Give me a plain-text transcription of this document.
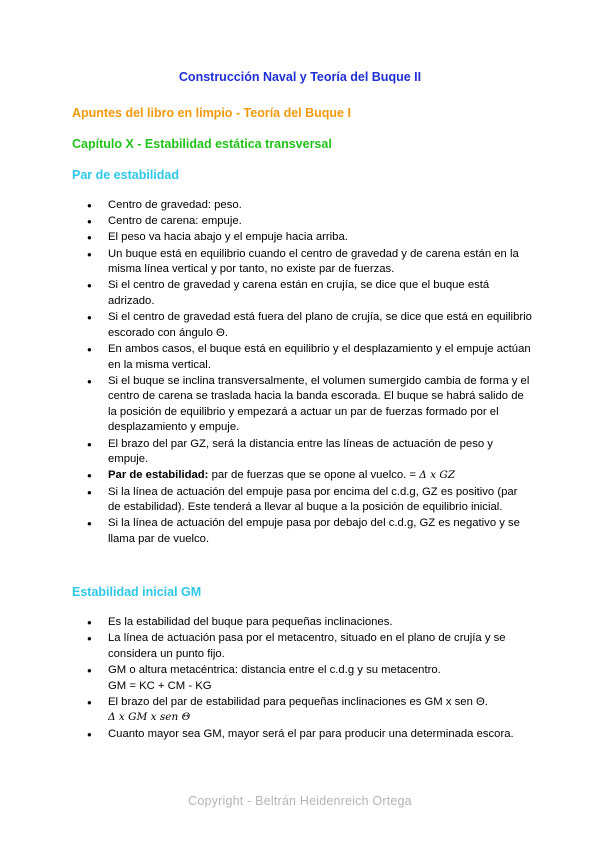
Construcción Naval y Teoría del Buque II
Apuntes del libro en limpio - Teoría del Buque I
Capítulo X - Estabilidad estática transversal
Par de estabilidad
● Centro de gravedad: peso.
● Centro de carena: empuje.
● El peso va hacia abajo y el empuje hacia arriba.
● Un buque está en equilibrio cuando el centro de gravedad y de carena están en la misma línea vertical y por tanto, no existe par de fuerzas.
● Si el centro de gravedad y carena están en crujía, se dice que el buque está adrizado.
● Si el centro de gravedad está fuera del plano de crujía, se dice que está en equilibrio escorado con ángulo Θ.
● En ambos casos, el buque está en equilibrio y el desplazamiento y el empuje actúan en la misma vertical.
● Si el buque se inclina transversalmente, el volumen sumergido cambia de forma y el centro de carena se traslada hacia la banda escorada. El buque se habrá salido de la posición de equilibrio y empezará a actuar un par de fuerzas formado por el desplazamiento y empuje.
● El brazo del par GZ, será la distancia entre las líneas de actuación de peso y empuje.
● Par de estabilidad: par de fuerzas que se opone al vuelco. = Δ x GZ
● Si la línea de actuación del empuje pasa por encima del c.d.g, GZ es positivo (par de estabilidad). Este tenderá a llevar al buque a la posición de equilibrio inicial.
● Si la línea de actuación del empuje pasa por debajo del c.d.g, GZ es negativo y se llama par de vuelco.
Estabilidad inicial GM
● Es la estabilidad del buque para pequeñas inclinaciones.
● La línea de actuación pasa por el metacentro, situado en el plano de crujía y se considera un punto fijo.
● GM o altura metacéntrica: distancia entre el c.d.g y su metacentro.
GM = KC + CM - KG
● El brazo del par de estabilidad para pequeñas inclinaciones es GM x sen Θ.
Δ x GM x sen Θ
● Cuanto mayor sea GM, mayor será el par para producir una determinada escora.
Copyright - Beltrán Heidenreich Ortega
